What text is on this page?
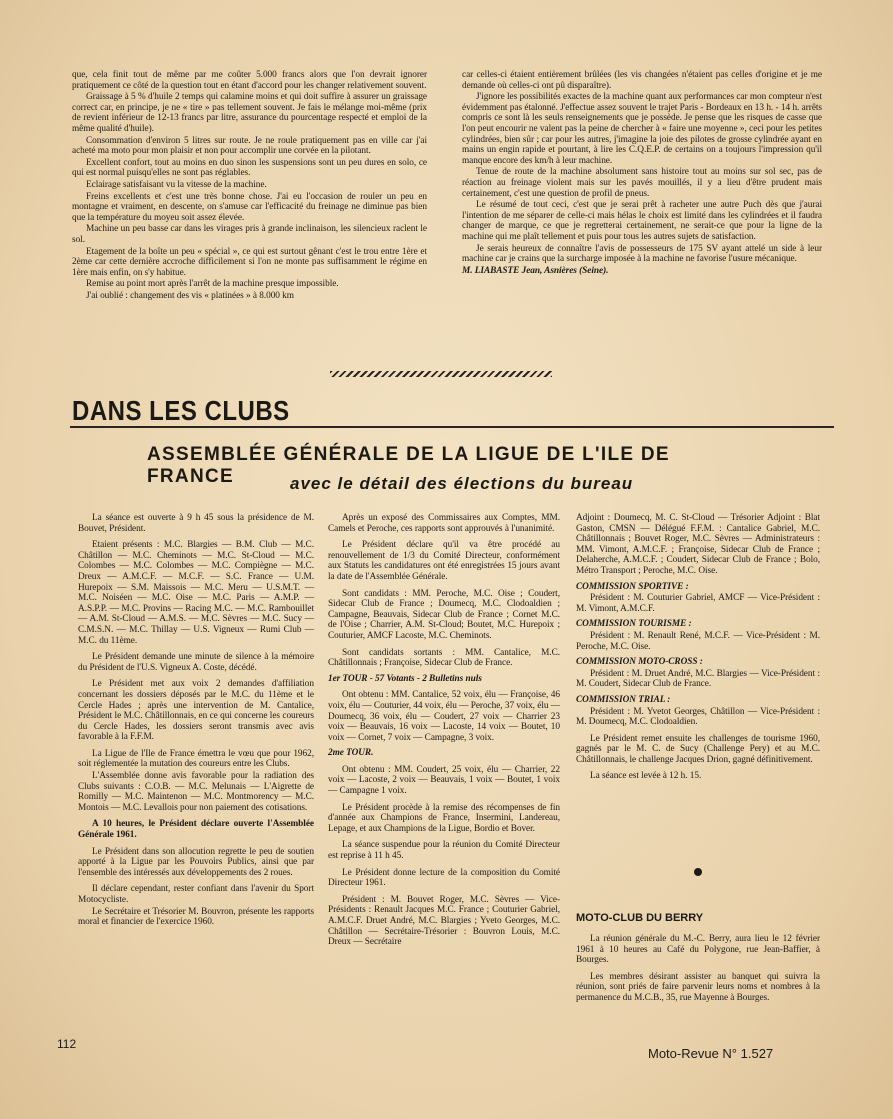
que, cela finit tout de même par me coûter 5.000 francs alors que l'on devrait ignorer pratiquement ce côté de la question tout en étant d'accord pour les changer relativement souvent.

Graissage à 5 % d'huile 2 temps qui calamine moins et qui doit suffire à assurer un graissage correct car, en principe, je ne « tire » pas tellement souvent. Je fais le mélange moi-même (prix de revient inférieur de 12-13 francs par litre, assurance du pourcentage respecté et emploi de la même qualité d'huile).

Consommation d'environ 5 litres sur route. Je ne roule pratiquement pas en ville car j'ai acheté ma moto pour mon plaisir et non pour accomplir une corvée en la pilotant.

Excellent confort, tout au moins en duo sinon les suspensions sont un peu dures en solo, ce qui est normal puisqu'elles ne sont pas réglables.

Eclairage satisfaisant vu la vitesse de la machine.

Freins excellents et c'est une très bonne chose. J'ai eu l'occasion de rouler un peu en montagne et vraiment, en descente, on s'amuse car l'efficacité du freinage ne diminue pas bien que la température du moyeu soit assez élevée.

Machine un peu basse car dans les virages pris à grande inclinaison, les silencieux raclent le sol.

Etagement de la boîte un peu « spécial », ce qui est surtout gênant c'est le trou entre 1ère et 2ème car cette dernière accroche difficilement si l'on ne monte pas suffisamment le régime en 1ère mais enfin, on s'y habitue.

Remise au point mort après l'arrêt de la machine presque impossible.

J'ai oublié : changement des vis « platinées » à 8.000 km

car celles-ci étaient entièrement brûlées (les vis changées n'étaient pas celles d'origine et je me demande où celles-ci ont pû disparaître).

J'ignore les possibilités exactes de la machine quant aux performances car mon compteur n'est évidemment pas étalonné. J'effectue assez souvent le trajet Paris - Bordeaux en 13 h. - 14 h. arrêts compris ce sont là les seuls renseignements que je possède. Je pense que les risques de casse que l'on peut encourir ne valent pas la peine de chercher à « faire une moyenne », ceci pour les petites cylindrées, bien sûr ; car pour les autres, j'imagine la joie des pilotes de grosse cylindrée ayant en mains un engin rapide et pourtant, à lire les C.Q.E.P. de certains on a toujours l'impression qu'il manque encore des km/h à leur machine.

Tenue de route de la machine absolument sans histoire tout au moins sur sol sec, pas de réaction au freinage violent mais sur les pavés mouillés, il y a lieu d'être prudent mais certainement, c'est une question de profil de pneus.

Le résumé de tout ceci, c'est que je serai prêt à racheter une autre Puch dès que j'aurai l'intention de me séparer de celle-ci mais hélas le choix est limité dans les cylindrées et il faudra changer de marque, ce que je regretterai certainement, ne serait-ce que pour la ligne de la machine qui me plaît tellement et puis pour tous les autres sujets de satisfaction.

Je serais heureux de connaître l'avis de possesseurs de 175 SV ayant attelé un side à leur machine car je crains que la surcharge imposée à la machine ne favorise l'usure mécanique.

M. LIABASTE Jean, Asnières (Seine).

DANS LES CLUBS
ASSEMBLÉE GÉNÉRALE DE LA LIGUE DE L'ILE DE FRANCE	avec le détail des élections du bureau

La séance est ouverte à 9 h 45 sous la présidence de M. Bouvet, Président.

Etaient présents : M.C. Blargies — B.M. Club — M.C. Châtillon — M.C. Cheminots — M.C. St-Cloud — M.C. Colombes — M.C. Colombes — M.C. Compiègne — M.C. Dreux — A.M.C.F. — M.C.F. — S.C. France — U.M. Hurepoix — S.M. Maissois — M.C. Meru — U.S.M.T. — M.C. Noiséen — M.C. Oise — M.C. Paris — A.M.P. — A.S.P.P. — M.C. Provins — Racing M.C. — M.C. Rambouillet — A.M. St-Cloud — A.M.S. — M.C. Sèvres — M.C. Sucy — C.M.S.N. — M.C. Thillay — U.S. Vigneux — Rumi Club — M.C. du 11ème.

Le Président demande une minute de silence à la mémoire du Président de l'U.S. Vigneux A. Coste, décédé.

Le Président met aux voix 2 demandes d'affiliation concernant les dossiers déposés par le M.C. du 11ème et le Cercle Hades ; après une intervention de M. Cantalice, Président le M.C. Châtillonnais, en ce qui concerne les coureurs du Cercle Hades, les dossiers seront transmis avec avis favorable à la F.F.M.

La Ligue de l'Ile de France émettra le vœu que pour 1962, soit réglementée la mutation des coureurs entre les Clubs.

L'Assemblée donne avis favorable pour la radiation des Clubs suivants : C.O.B. — M.C. Melunais — L'Aigrette de Romilly — M.C. Maintenon — M.C. Montmorency — M.C. Montois — M.C. Levallois pour non paiement des cotisations.

A 10 heures, le Président déclare ouverte l'Assemblée Générale 1961.

Le Président dans son allocution regrette le peu de soutien apporté à la Ligue par les Pouvoirs Publics, ainsi que par l'ensemble des intéressés aux développements des 2 roues.

Il déclare cependant, rester confiant dans l'avenir du Sport Motocycliste.

Le Secrétaire et Trésorier M. Bouvron, présente les rapports moral et financier de l'exercice 1960.

Après un exposé des Commissaires aux Comptes, MM. Camels et Peroche, ces rapports sont approuvés à l'unanimité.

Le Président déclare qu'il va être procédé au renouvellement de 1/3 du Comité Directeur, conformément aux Statuts les candidatures ont été enregistrées 15 jours avant la date de l'Assemblée Générale.

Sont candidats : MM. Peroche, M.C. Oise ; Coudert, Sidecar Club de France ; Doumecq, M.C. Clodoaldien ; Campagne, Beauvais, Sidecar Club de France ; Cornet M.C. de l'Oise ; Charrier, A.M. St-Cloud; Boutet, M.C. Hurepoix ; Couturier, AMCF Lacoste, M.C. Cheminots.

Sont candidats sortants : MM. Cantalice, M.C. Châtillonnais ; Françoise, Sidecar Club de France.

1er TOUR - 57 Votants - 2 Bulletins nuls

Ont obtenu : MM. Cantalice, 52 voix, élu — Françoise, 46 voix, élu — Couturier, 44 voix, élu — Peroche, 37 voix, élu — Doumecq, 36 voix, élu — Coudert, 27 voix — Charrier 23 voix — Beauvais, 16 voix — Lacoste, 14 voix — Boutet, 10 voix — Cornet, 7 voix — Campagne, 3 voix.

2me TOUR.

Ont obtenu : MM. Coudert, 25 voix, élu — Charrier, 22 voix — Lacoste, 2 voix — Beauvais, 1 voix — Boutet, 1 voix — Campagne 1 voix.

Le Président procède à la remise des récompenses de fin d'année aux Champions de France, Insermini, Landereau, Lepage, et aux Champions de la Ligue, Bordio et Bover.

La séance suspendue pour la réunion du Comité Directeur est reprise à 11 h 45.

Le Président donne lecture de la composition du Comité Directeur 1961.

Président : M. Bouvet Roger, M.C. Sèvres — Vice-Présidents : Renault Jacques M.C. France ; Couturier Gabriel, A.M.C.F. Druet André, M.C. Blargies ; Yveto Georges, M.C. Châtillon — Secrétaire-Trésorier : Bouvron Louis, M.C. Dreux — Secrétaire

Adjoint : Doumecq, M. C. St-Cloud — Trésorier Adjoint : Blat Gaston, CMSN — Délégué F.F.M. : Cantalice Gabriel, M.C. Châtillonnais ; Bouvet Roger, M.C. Sèvres — Administrateurs : MM. Vimont, A.M.C.F. ; Françoise, Sidecar Club de France ; Delaherche, A.M.C.F. ; Coudert, Sidecar Club de France ; Bolo, Métro Transport ; Peroche, M.C. Oise.

COMMISSION SPORTIVE :

Président : M. Couturier Gabriel, AMCF — Vice-Président : M. Vimont, A.M.C.F.

COMMISSION TOURISME :

Président : M. Renault René, M.C.F. — Vice-Président : M. Peroche, M.C. Oise.

COMMISSION MOTO-CROSS :

Président : M. Druet André, M.C. Blargies — Vice-Président : M. Coudert, Sidecar Club de France.

COMMISSION TRIAL :

Président : M. Yvetot Georges, Châtillon — Vice-Président : M. Doumecq, M.C. Clodoaldien.

Le Président remet ensuite les challenges de tourisme 1960, gagnés par le M. C. de Sucy (Challenge Pery) et au M.C. Châtillonnais, le challenge Jacques Drion, gagné définitivement.

La séance est levée à 12 h. 15.

MOTO-CLUB DU BERRY

La réunion générale du M.-C. Berry, aura lieu le 12 février 1961 à 10 heures au Café du Polygone, rue Jean-Baffier, à Bourges.

Les membres désirant assister au banquet qui suivra la réunion, sont priés de faire parvenir leurs noms et nombres à la permanence du M.C.B., 35, rue Mayenne à Bourges.

112
Moto-Revue N° 1.527
